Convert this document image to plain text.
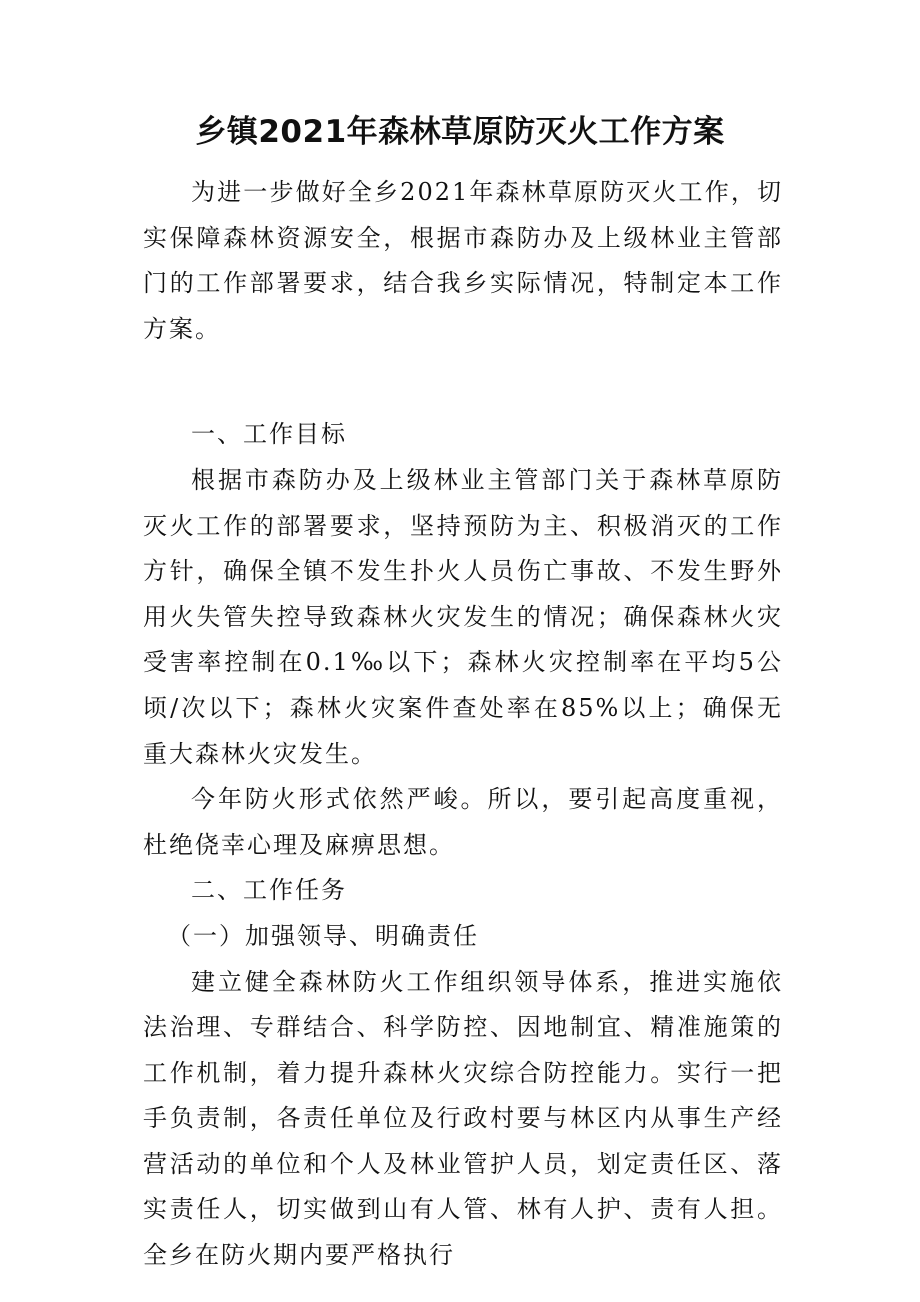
乡镇2021年森林草原防灭火工作方案

为进一步做好全乡2021年森林草原防灭火工作，切实保障森林资源安全，根据市森防办及上级林业主管部门的工作部署要求，结合我乡实际情况，特制定本工作方案。

一、工作目标

根据市森防办及上级林业主管部门关于森林草原防灭火工作的部署要求，坚持预防为主、积极消灭的工作方针，确保全镇不发生扑火人员伤亡事故、不发生野外用火失管失控导致森林火灾发生的情况；确保森林火灾受害率控制在0.1‰以下；森林火灾控制率在平均5公顷/次以下；森林火灾案件查处率在85%以上；确保无重大森林火灾发生。

今年防火形式依然严峻。所以，要引起高度重视，杜绝侥幸心理及麻痹思想。

二、工作任务

（一）加强领导、明确责任

建立健全森林防火工作组织领导体系，推进实施依法治理、专群结合、科学防控、因地制宜、精准施策的工作机制，着力提升森林火灾综合防控能力。实行一把手负责制，各责任单位及行政村要与林区内从事生产经营活动的单位和个人及林业管护人员，划定责任区、落实责任人，切实做到山有人管、林有人护、责有人担。全乡在防火期内要严格执行
